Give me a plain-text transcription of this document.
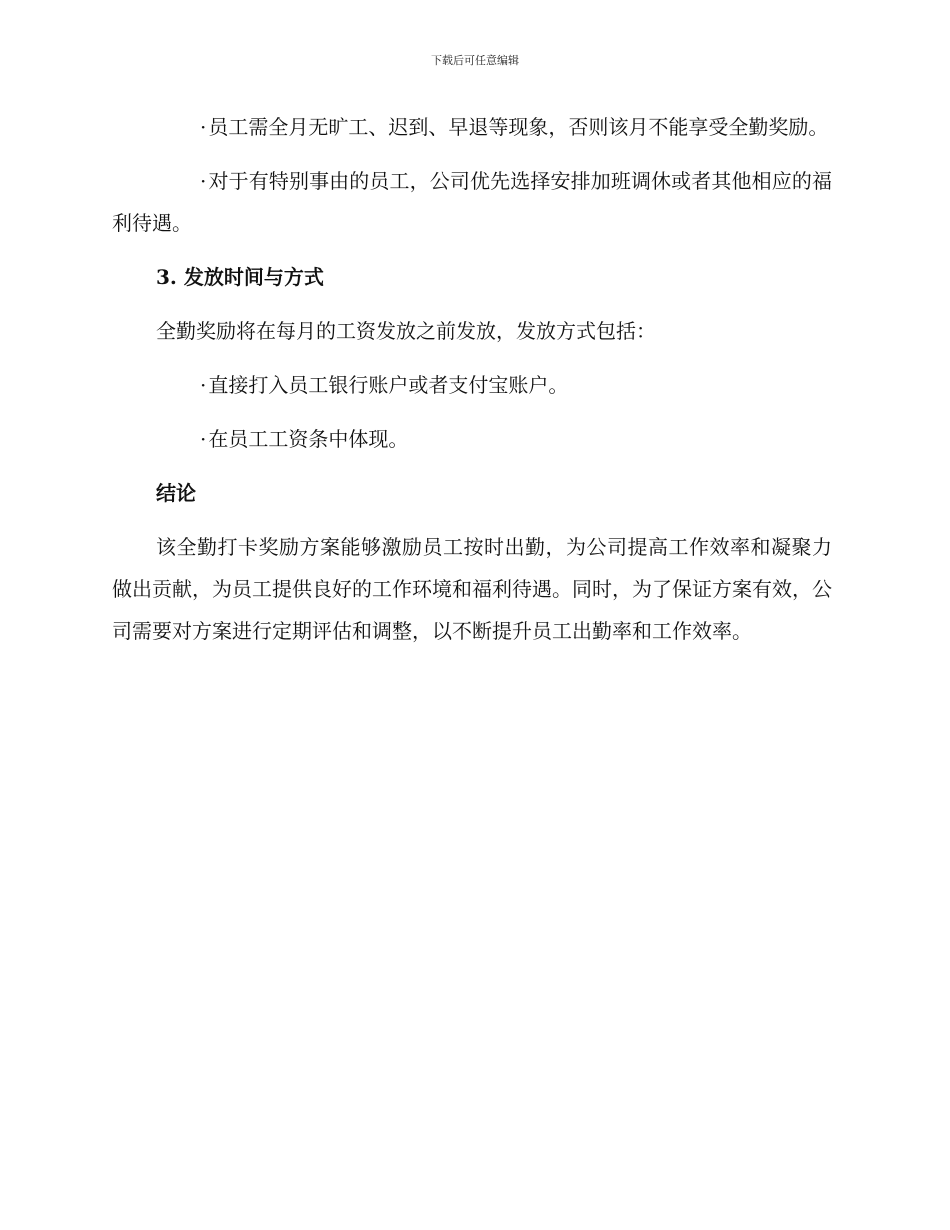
下载后可任意编辑

· 员工需全月无旷工、迟到、早退等现象，否则该月不能享受全勤奖励。

· 对于有特别事由的员工，公司优先选择安排加班调休或者其他相应的福利待遇。

3. 发放时间与方式

全勤奖励将在每月的工资发放之前发放，发放方式包括：

· 直接打入员工银行账户或者支付宝账户。

· 在员工工资条中体现。

结论

该全勤打卡奖励方案能够激励员工按时出勤，为公司提高工作效率和凝聚力做出贡献，为员工提供良好的工作环境和福利待遇。同时，为了保证方案有效，公司需要对方案进行定期评估和调整，以不断提升员工出勤率和工作效率。
